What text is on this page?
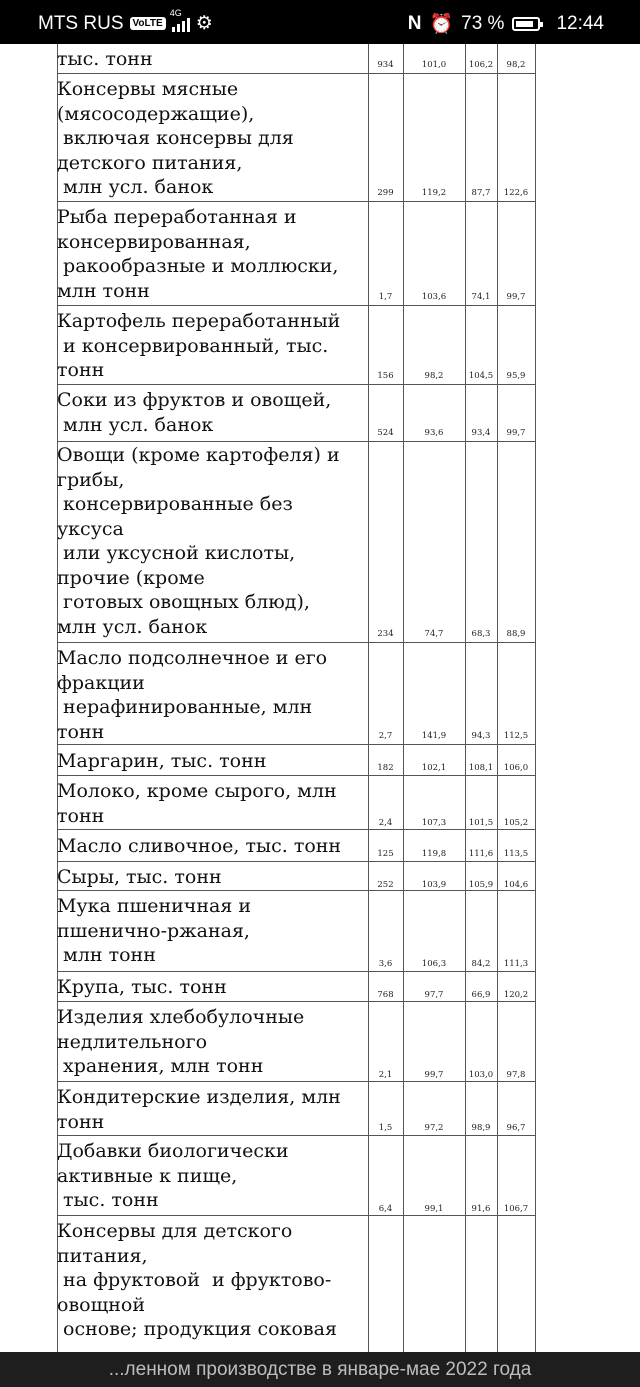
MTS RUS VoLTE
4G
⚙	N ⏰ 73 %	12:44
тыс. тонн	934	101,0	106,2	98,2
Консервы мясные
(мясосодержащие),
включая консервы для
детского питания,
млн усл. банок	299	119,2	87,7	122,6
Рыба переработанная и
консервированная,
ракообразные и моллюски,
млн тонн	1,7	103,6	74,1	99,7
Картофель переработанный
и консервированный, тыс.
тонн	156	98,2	104,5	95,9
Соки из фруктов и овощей,
млн усл. банок	524	93,6	93,4	99,7
Овощи (кроме картофеля) и
грибы,
консервированные без
уксуса
или уксусной кислоты,
прочие (кроме
готовых овощных блюд),
млн усл. банок	234	74,7	68,3	88,9
Масло подсолнечное и его
фракции
нерафинированные, млн
тонн	2,7	141,9	94,3	112,5
Маргарин, тыс. тонн	182	102,1	108,1	106,0
Молоко, кроме сырого, млн
тонн	2,4	107,3	101,5	105,2
Масло сливочное, тыс. тонн	125	119,8	111,6	113,5
Сыры, тыс. тонн	252	103,9	105,9	104,6
Мука пшеничная и
пшенично-ржаная,
млн тонн	3,6	106,3	84,2	111,3
Крупа, тыс. тонн	768	97,7	66,9	120,2
Изделия хлебобулочные
недлительного
хранения, млн тонн	2,1	99,7	103,0	97,8
Кондитерские изделия, млн
тонн	1,5	97,2	98,9	96,7
Добавки биологически
активные к пище,
тыс. тонн	6,4	99,1	91,6	106,7
Консервы для детского
питания,
на фруктовой  и фруктово-
овощной
основе; продукция соковая
...ленном производстве в январе-мае 2022 года
